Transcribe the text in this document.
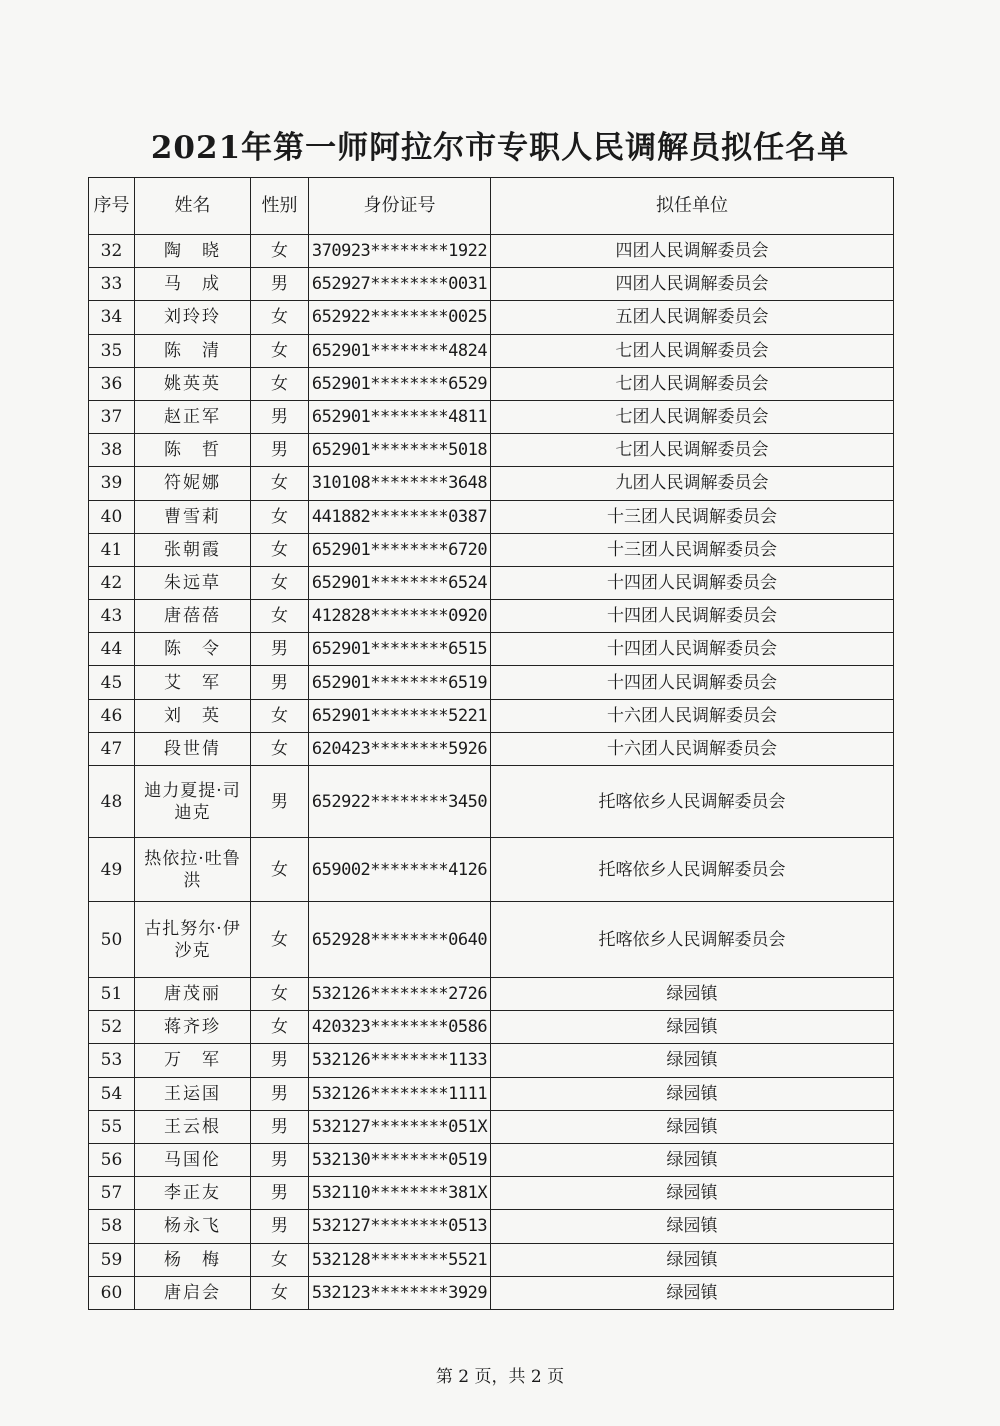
2021年第一师阿拉尔市专职人民调解员拟任名单
序号	姓名	性别	身份证号	拟任单位
32	陶　晓	女	370923********1922	四团人民调解委员会
33	马　成	男	652927********0031	四团人民调解委员会
34	刘玲玲	女	652922********0025	五团人民调解委员会
35	陈　清	女	652901********4824	七团人民调解委员会
36	姚英英	女	652901********6529	七团人民调解委员会
37	赵正军	男	652901********4811	七团人民调解委员会
38	陈　哲	男	652901********5018	七团人民调解委员会
39	符妮娜	女	310108********3648	九团人民调解委员会
40	曹雪莉	女	441882********0387	十三团人民调解委员会
41	张朝霞	女	652901********6720	十三团人民调解委员会
42	朱远草	女	652901********6524	十四团人民调解委员会
43	唐蓓蓓	女	412828********0920	十四团人民调解委员会
44	陈　令	男	652901********6515	十四团人民调解委员会
45	艾　军	男	652901********6519	十四团人民调解委员会
46	刘　英	女	652901********5221	十六团人民调解委员会
47	段世倩	女	620423********5926	十六团人民调解委员会
48	迪力夏提·司迪克	男	652922********3450	托喀依乡人民调解委员会
49	热依拉·吐鲁洪	女	659002********4126	托喀依乡人民调解委员会
50	古扎努尔·伊沙克	女	652928********0640	托喀依乡人民调解委员会
51	唐茂丽	女	532126********2726	绿园镇
52	蒋齐珍	女	420323********0586	绿园镇
53	万　军	男	532126********1133	绿园镇
54	王运国	男	532126********1111	绿园镇
55	王云根	男	532127********051X	绿园镇
56	马国伦	男	532130********0519	绿园镇
57	李正友	男	532110********381X	绿园镇
58	杨永飞	男	532127********0513	绿园镇
59	杨　梅	女	532128********5521	绿园镇
60	唐启会	女	532123********3929	绿园镇
第 2 页，共 2 页
